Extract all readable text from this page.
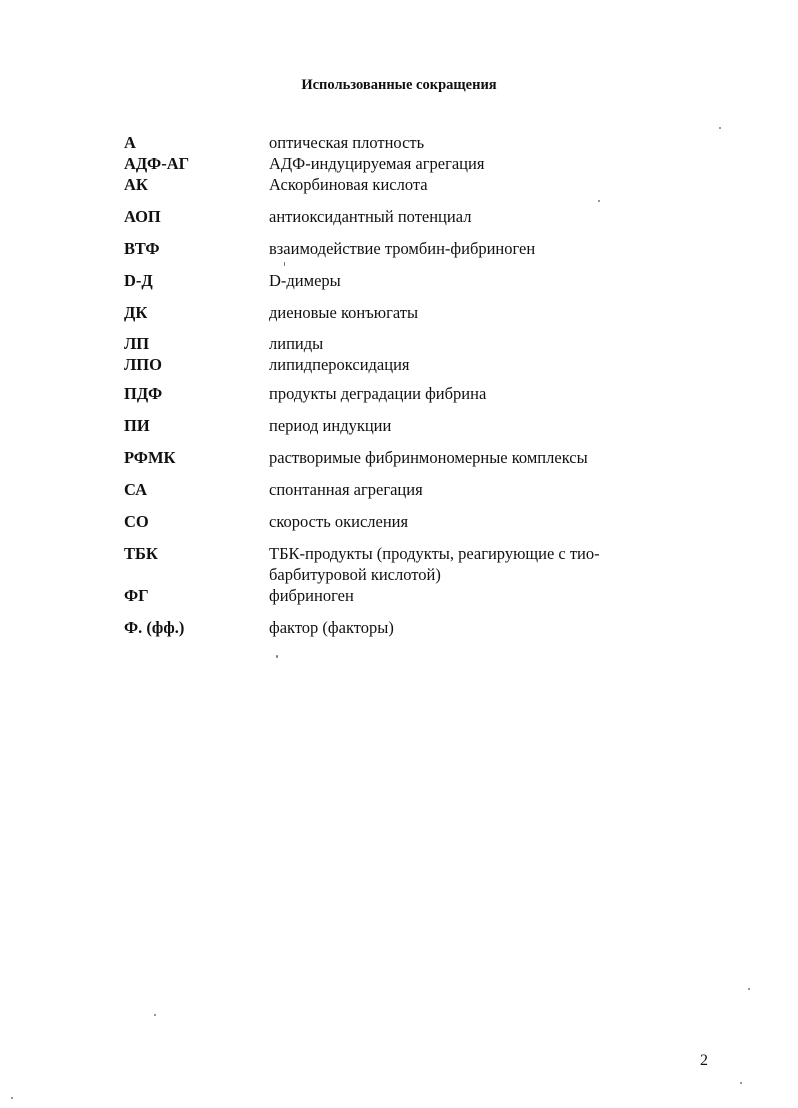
Использованные сокращения
А	оптическая плотность
АДФ-АГ	АДФ-индуцируемая агрегация
АК	Аскорбиновая кислота
АОП	антиоксидантный потенциал
ВТФ	взаимодействие тромбин-фибриноген
D-Д	D-димеры
ДК	диеновые конъюгаты
ЛП	липиды
ЛПО	липидпероксидация
ПДФ	продукты деградации фибрина
ПИ	период индукции
РФМК	растворимые фибринмономерные комплексы
СА	спонтанная агрегация
СО	скорость окисления
ТБК	ТБК-продукты (продукты, реагирующие с тио-барбитуровой кислотой)
ФГ	фибриноген
Ф. (фф.)	фактор (факторы)
2
